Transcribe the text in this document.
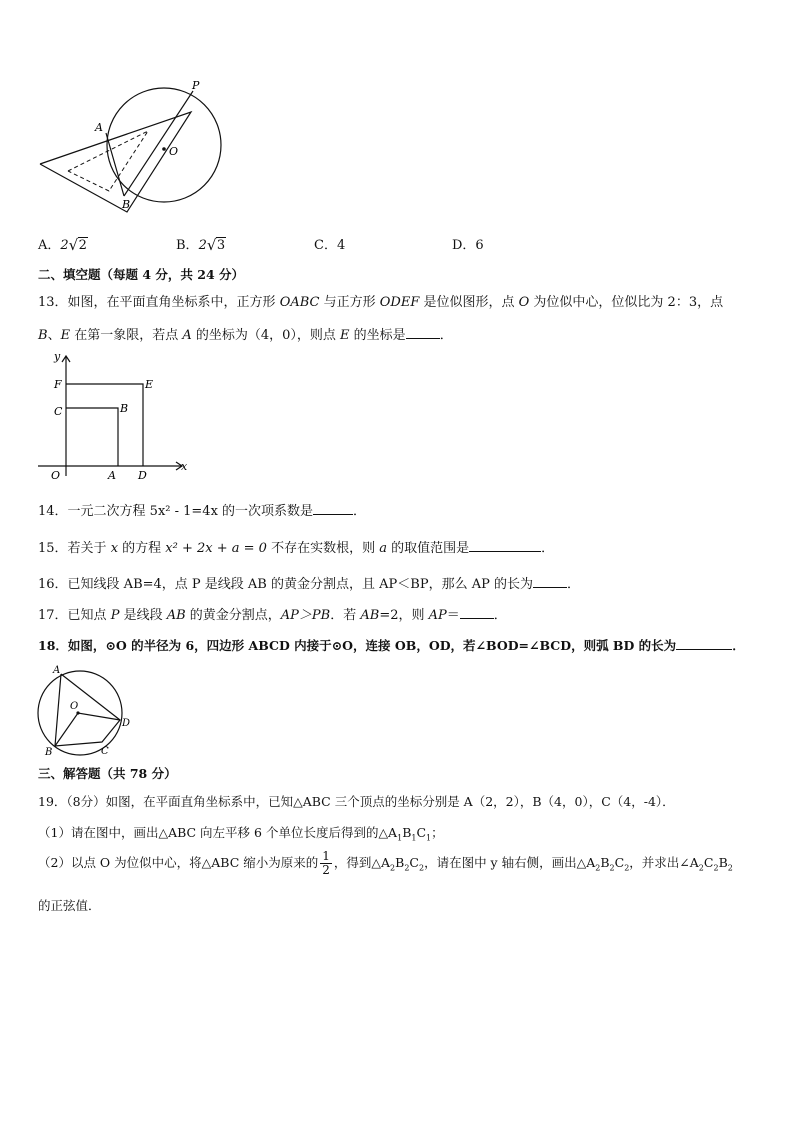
P
A
O
B
A．2 √ 2	B．2 √ 3	C．4	D．6
二、填空题（每题 4 分，共 24 分）
13．如图，在平面直角坐标系中，正方形 OABC 与正方形 ODEF 是位似图形，点 O 为位似中心，位似比为 2：3，点
B、E 在第一象限，若点 A 的坐标为（4，0），则点 E 的坐标是	．
y
x
F	E
C	B
O	A D
14．一元二次方程 5x² - 1=4x 的一次项系数是	．
15．若关于 x 的方程 x² + 2x + a = 0 不存在实数根，则 a 的取值范围是	．
16．已知线段 AB=4，点 P 是线段 AB 的黄金分割点，且 AP＜BP，那么 AP 的长为	．
17．已知点 P 是线段 AB 的黄金分割点，AP＞PB．若 AB=2，则 AP＝	．
18．如图，⊙O 的半径为 6，四边形 ABCD 内接于⊙O，连接 OB，OD，若∠BOD=∠BCD，则弧 BD 的长为	．
A
O
D
B	C
三、解答题（共 78 分）
19．（8分）如图，在平面直角坐标系中，已知△ABC 三个顶点的坐标分别是 A（2，2），B（4，0），C（4，-4）．
（1）请在图中，画出△ABC 向左平移 6 个单位长度后得到的$\triangle A_1B_1C_1$；
（2）以点 O 为位似中心，将△ABC 缩小为原来的 $\frac{1}{2}$ ，得到$\triangle A_2B_2C_2$，请在图中 y 轴右侧，画出$\triangle A_2B_2C_2$，并求出$\angle A_2C_2B_2$
的正弦值．
